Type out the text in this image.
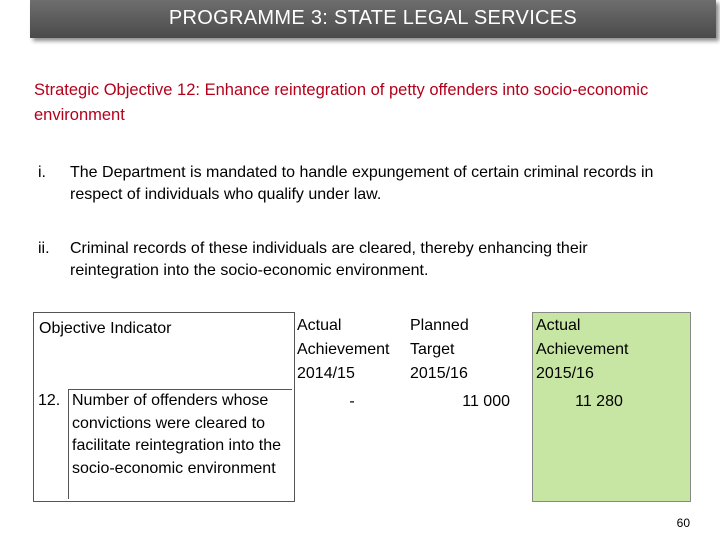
PROGRAMME 3: STATE LEGAL SERVICES
Strategic Objective 12: Enhance reintegration of petty offenders into socio-economic environment
i. The Department is mandated to handle expungement of certain criminal records in respect of individuals who qualify under law.
ii. Criminal records of these individuals are cleared, thereby enhancing their reintegration into the socio-economic environment.
Objective Indicator
12. Number of offenders whose convictions were cleared to facilitate reintegration into the socio-economic environment
Actual
Achievement
2014/15
-
Planned
Target
2015/16
11 000
Actual
Achievement
2015/16
11 280
60
